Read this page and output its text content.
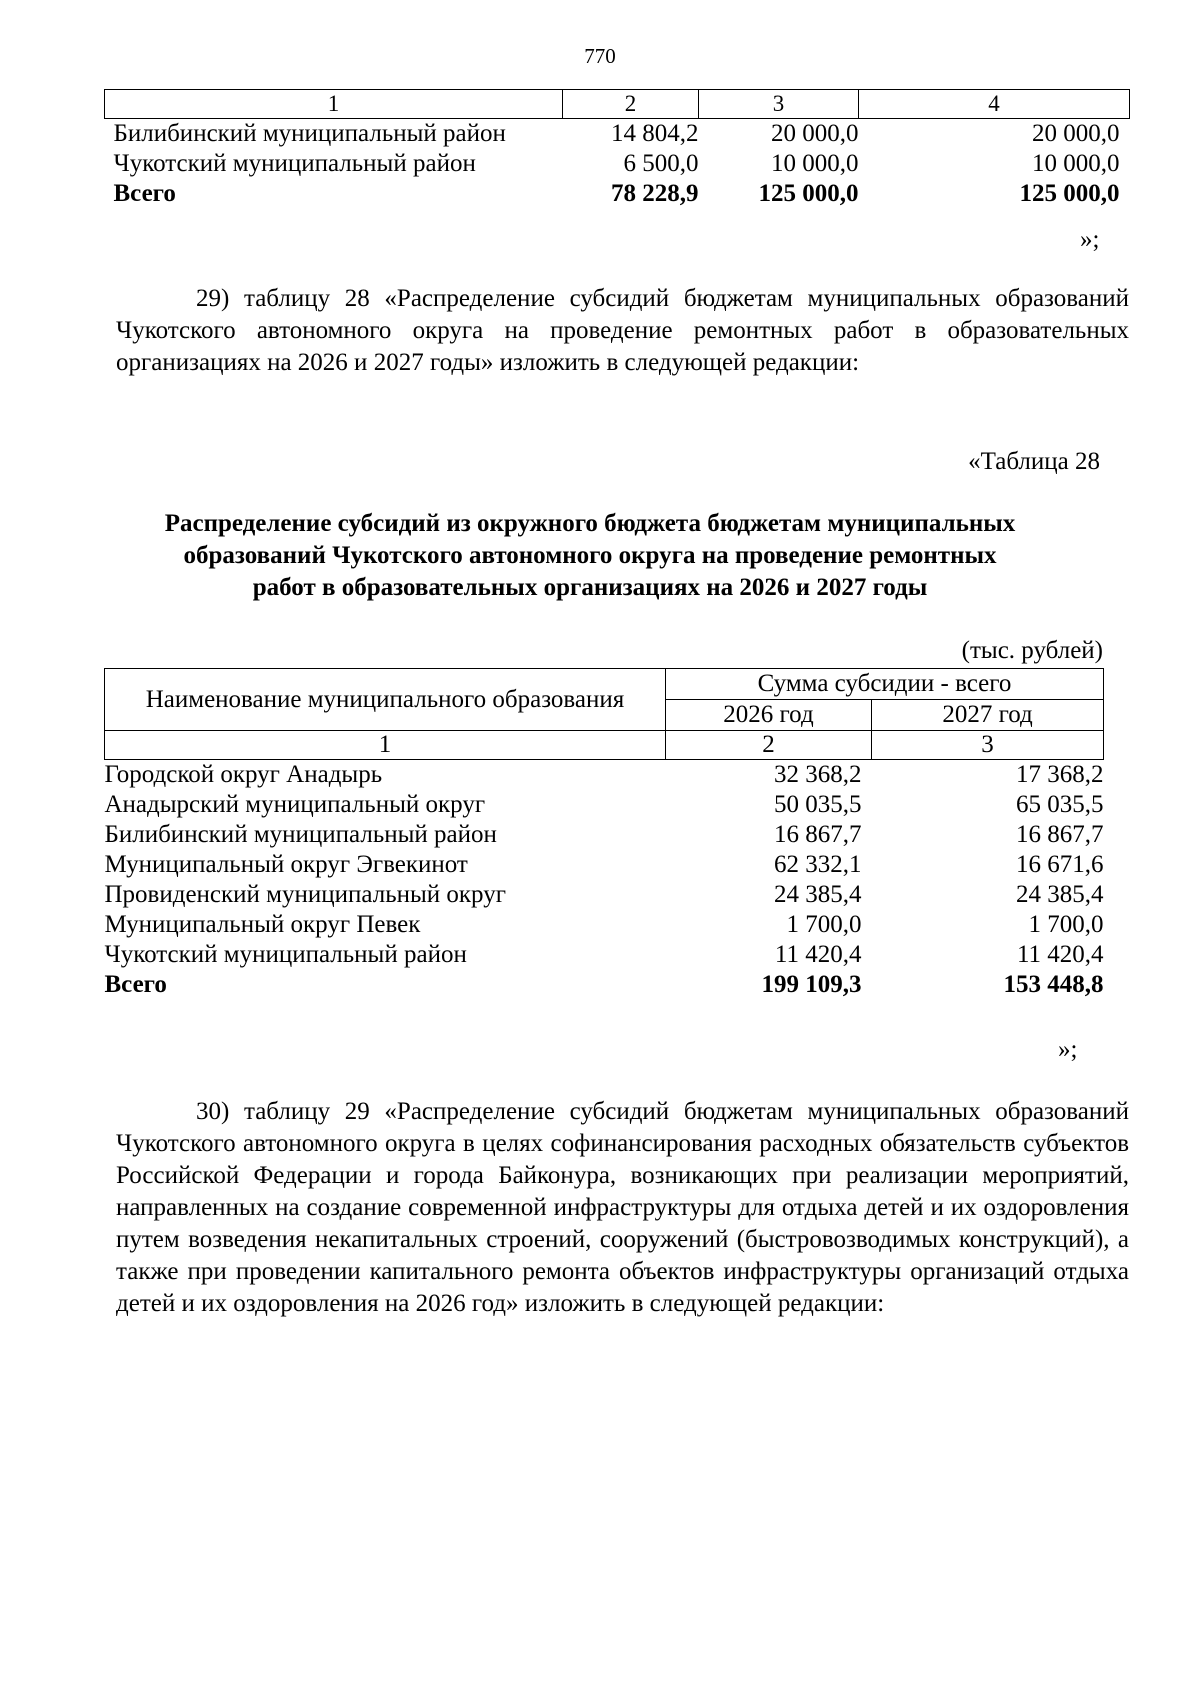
770
1	2	3	4
Билибинский муниципальный район	14 804,2	20 000,0	20 000,0
Чукотский муниципальный район	6 500,0	10 000,0	10 000,0
Всего	78 228,9	125 000,0	125 000,0
»;
29) таблицу 28 «Распределение субсидий бюджетам муниципальных образований Чукотского автономного округа на проведение ремонтных работ в образовательных организациях на 2026 и 2027 годы» изложить в следующей редакции:
«Таблица 28
Распределение субсидий из окружного бюджета бюджетам муниципальных
образований Чукотского автономного округа на проведение ремонтных
работ в образовательных организациях на 2026 и 2027 годы
(тыс. рублей)
Наименование муниципального образования	Сумма субсидии - всего	
	2026 год	2027 год
1	2	3
Городской округ Анадырь	32 368,2	17 368,2
Анадырский муниципальный округ	50 035,5	65 035,5
Билибинский муниципальный район	16 867,7	16 867,7
Муниципальный округ Эгвекинот	62 332,1	16 671,6
Провиденский муниципальный округ	24 385,4	24 385,4
Муниципальный округ Певек	1 700,0	1 700,0
Чукотский муниципальный район	11 420,4	11 420,4
Всего	199 109,3	153 448,8
»;
30) таблицу 29 «Распределение субсидий бюджетам муниципальных образований Чукотского автономного округа в целях софинансирования расходных обязательств субъектов Российской Федерации и города Байконура, возникающих при реализации мероприятий, направленных на создание современной инфраструктуры для отдыха детей и их оздоровления путем возведения некапитальных строений, сооружений (быстровозводимых конструкций), а также при проведении капитального ремонта объектов инфраструктуры организаций отдыха детей и их оздоровления на 2026 год» изложить в следующей редакции:
